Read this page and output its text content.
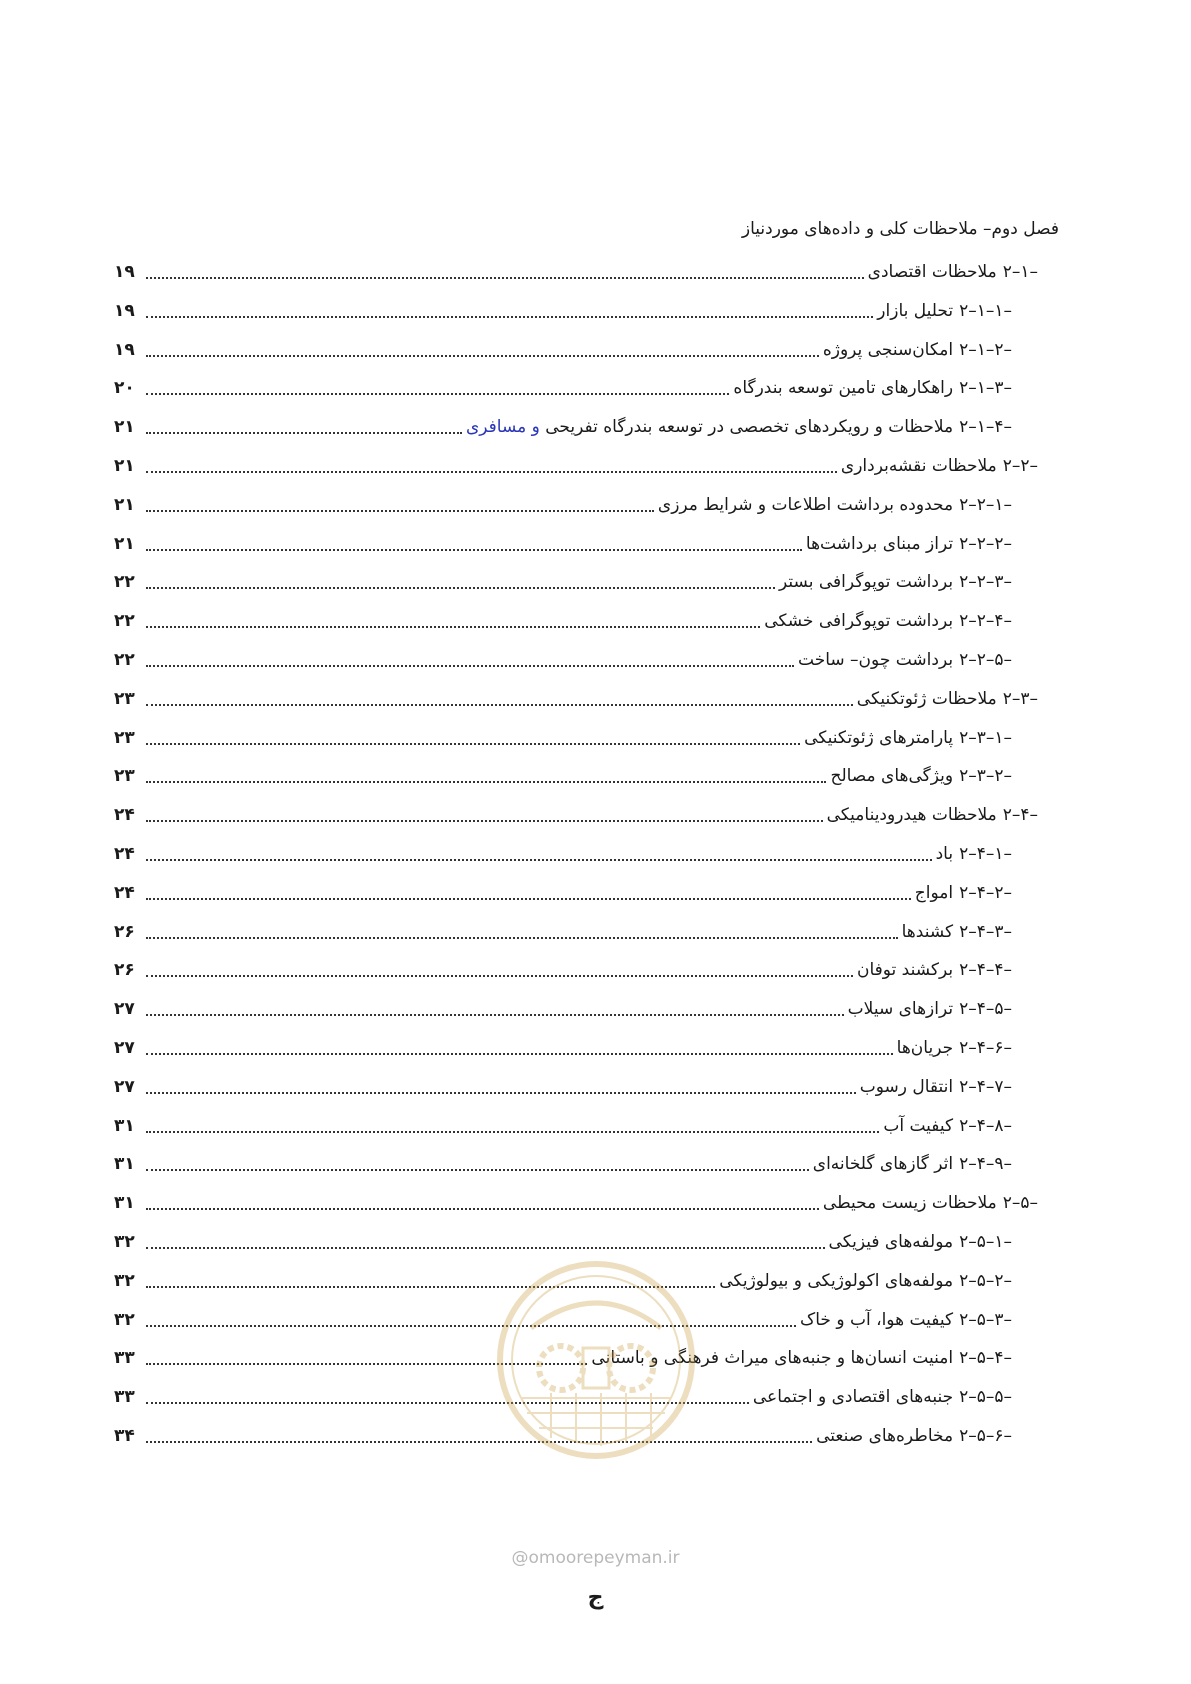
فصل دوم– ملاحظات کلی و داده‌های موردنیاز
۲–۱–
ملاحظات اقتصادی
۱۹
۲–۱–۱–
تحلیل بازار
۱۹
۲–۱–۲–
امکان‌سنجی پروژه
۱۹
۲–۱–۳–
راهکارهای تامین توسعه بندرگاه
۲۰
۲–۱–۴–
ملاحظات و رویکردهای تخصصی در توسعه بندرگاه تفریحی و مسافری
۲۱
۲–۲–
ملاحظات نقشه‌برداری
۲۱
۲–۲–۱–
محدوده برداشت اطلاعات و شرایط مرزی
۲۱
۲–۲–۲–
تراز مبنای برداشت‌ها
۲۱
۲–۲–۳–
برداشت توپوگرافی بستر
۲۲
۲–۲–۴–
برداشت توپوگرافی خشکی
۲۲
۲–۲–۵–
برداشت چون– ساخت
۲۲
۲–۳–
ملاحظات ژئوتکنیکی
۲۳
۲–۳–۱–
پارامترهای ژئوتکنیکی
۲۳
۲–۳–۲–
ویژگی‌های مصالح
۲۳
۲–۴–
ملاحظات هیدرودینامیکی
۲۴
۲–۴–۱–
باد
۲۴
۲–۴–۲–
امواج
۲۴
۲–۴–۳–
کشندها
۲۶
۲–۴–۴–
برکشند توفان
۲۶
۲–۴–۵–
ترازهای سیلاب
۲۷
۲–۴–۶–
جریان‌ها
۲۷
۲–۴–۷–
انتقال رسوب
۲۷
۲–۴–۸–
کیفیت آب
۳۱
۲–۴–۹–
اثر گازهای گلخانه‌ای
۳۱
۲–۵–
ملاحظات زیست محیطی
۳۱
۲–۵–۱–
مولفه‌های فیزیکی
۳۲
۲–۵–۲–
مولفه‌های اکولوژیکی و بیولوژیکی
۳۲
۲–۵–۳–
کیفیت هوا، آب و خاک
۳۲
۲–۵–۴–
امنیت انسان‌ها و جنبه‌های میراث فرهنگی و باستانی
۳۳
۲–۵–۵–
جنبه‌های اقتصادی و اجتماعی
۳۳
۲–۵–۶–
مخاطره‌های صنعتی
۳۴
@omoorepeyman.ir
ج
